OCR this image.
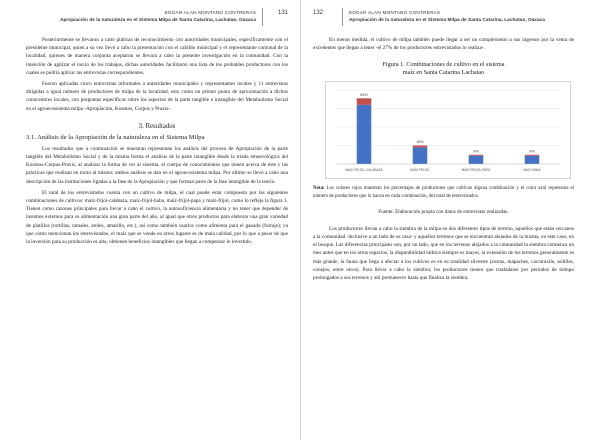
EDGAR ALAN MONTANO CONTRERAS
Apropiación de la naturaleza en el Sistema Milpa de Santa Catarina, Lachatao, Oaxaca
131

Posteriormente se llevaron a cabo pláticas de reconocimiento con autoridades municipales, específicamente con el presidente municipal, quien a su vez llevó a cabo la presentación con el cabildo municipal y el representante comunal de la localidad, quienes de manera conjunta aceptaron se llevara a cabo la presente investigación en la comunidad. Con la intención de agilizar el inicio de los trabajos, dichas autoridades facilitaron una lista de los probables productores con los cuales se podría aplicar las entrevistas correspondientes.

Fueron aplicadas cinco entrevistas informales a autoridades municipales y representantes locales y 11 entrevistas dirigidas a igual número de productores de milpa de la localidad, esto como un primer punto de aproximación a dichos conocedores locales, con preguntas específicas sobre los aspectos de la parte tangible e intangible del Metabolismo Social en el agroecosistema milpa -Apropiación, Kosmos, Corpus y Praxis-.

3. Resultados
3.1. Análisis de la Apropiación de la naturaleza en el Sistema Milpa

Los resultados que a continuación se muestran representan los análisis del proceso de Apropiación de la parte tangible del Metabolismo Social y de la misma forma el análisis de la parte intangible desde la triada etnoecológica del Kosmos-Corpus-Praxis, al analizar la forma de ver al sistema, el cuerpo de conocimientos que tienen acerca de éste y las prácticas que realizan en torno al mismo; ambos análisis se dan en el agroecosistema milpa. Por último se llevó a cabo una descripción de las instituciones ligadas a la fase de la Apropiación y que forman parte de la fase intangible de la teoría.

El total de los entrevistados cuenta con un cultivo de milpa, el cual puede estar compuesto por las siguientes combinaciones de cultivos: maíz-frijol-calabaza, maíz-frijol-haba, maíz-frijol-papa y maíz-frijol, como lo refleja la figura 1. Tienen como razones principales para llevar a cabo el cultivo, la autosuficiencia alimentaria y no tener que depender de insumos externos para su alimentación una gran parte del año, al igual que otros productos para elaborar una gran variedad de platillos (tortillas, tamales, atoles, amarillo, etc.), así como también usarlos como alimento para el ganado (forraje); ya que como mencionan los entrevistados, el maíz que se vende en otros lugares es de mala calidad, por lo que a pesar de que la inversión para su producción es alta, obtienen beneficios intangibles que llegan a compensar lo invertido.

132	EDGAR ALAN MONTANO CONTRERAS
Apropiación de la naturaleza en el Sistema Milpa de Santa Catarina, Lachatao, Oaxaca

En menor medida, el cultivo de milpa también puede llegar a ser un complemento a sus ingresos por la venta de excedentes que llegan a tener -el 27% de los productores entrevistados lo realiza-.

Figura 1. Combinaciones de cultivo en el sistema
maíz en Santa Catarina Lachatao
64%
MAÍZ-FRIJOL-CALABAZA
18%
MAÍZ-FRIJOL
9%
MAÍZ-FRIJOL-PAPA
9%
MAÍZ-HABA

Nota: Los colores rojos muestran los porcentajes de productores que cultivan alguna combinación y el color azul representa el número de productores que lo hacen en cada combinación, del total de entrevistados.

Fuente: Elaboración propia con datos de entrevistas realizadas.

Los productores llevan a cabo la siembra de la milpa en dos diferentes tipos de terreno, aquellos que están cercanos a la comunidad -inclusive a un lado de su casa- y aquellos terrenos que se encuentran alejados de la misma, en este caso, en el bosque. Las diferencias principales son, por un lado, que en los terrenos alejados a la comunidad la siembra comienza un mes antes que en los otros espacios, la disponibilidad hídrica siempre es mayor, la extensión de los terrenos generalmente es más grande, la fauna que llega a afectar a los cultivos es en su totalidad silvestre (zorras, mapaches, cacomixtle, ardillas, conejos, entre otros). Para llevar a cabo la siembra, los productores tienen que trasladarse por periodos de tiempo prolongados a sus terrenos y ahí permanecer hasta que finaliza la siembra.
